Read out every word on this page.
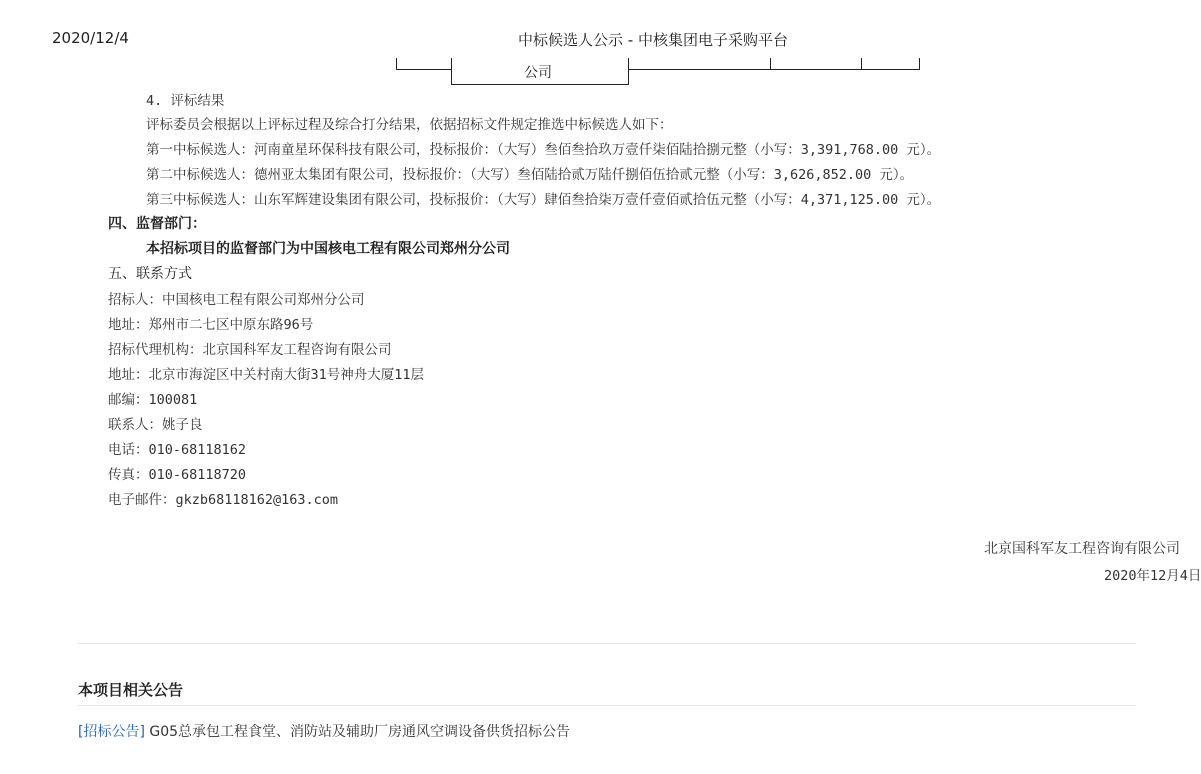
2020/12/4	中标候选人公示 - 中核集团电子采购平台
公司
4. 评标结果
评标委员会根据以上评标过程及综合打分结果，依据招标文件规定推选中标候选人如下：
第一中标候选人：河南童星环保科技有限公司，投标报价：（大写）叁佰叁拾玖万壹仟柒佰陆拾捌元整（小写：3,391,768.00 元）。
第二中标候选人：德州亚太集团有限公司，投标报价：（大写）叁佰陆拾贰万陆仟捌佰伍拾贰元整（小写：3,626,852.00 元）。
第三中标候选人：山东军辉建设集团有限公司，投标报价：（大写）肆佰叁拾柒万壹仟壹佰贰拾伍元整（小写：4,371,125.00 元）。
四、监督部门：
本招标项目的监督部门为中国核电工程有限公司郑州分公司
五、联系方式
招标人：中国核电工程有限公司郑州分公司
地址：郑州市二七区中原东路96号
招标代理机构：北京国科军友工程咨询有限公司
地址：北京市海淀区中关村南大街31号神舟大厦11层
邮编：100081
联系人：姚子良
电话：010-68118162
传真：010-68118720
电子邮件：gkzb68118162@163.com
北京国科军友工程咨询有限公司
2020年12月4日
本项目相关公告
[招标公告] G05总承包工程食堂、消防站及辅助厂房通风空调设备供货招标公告
